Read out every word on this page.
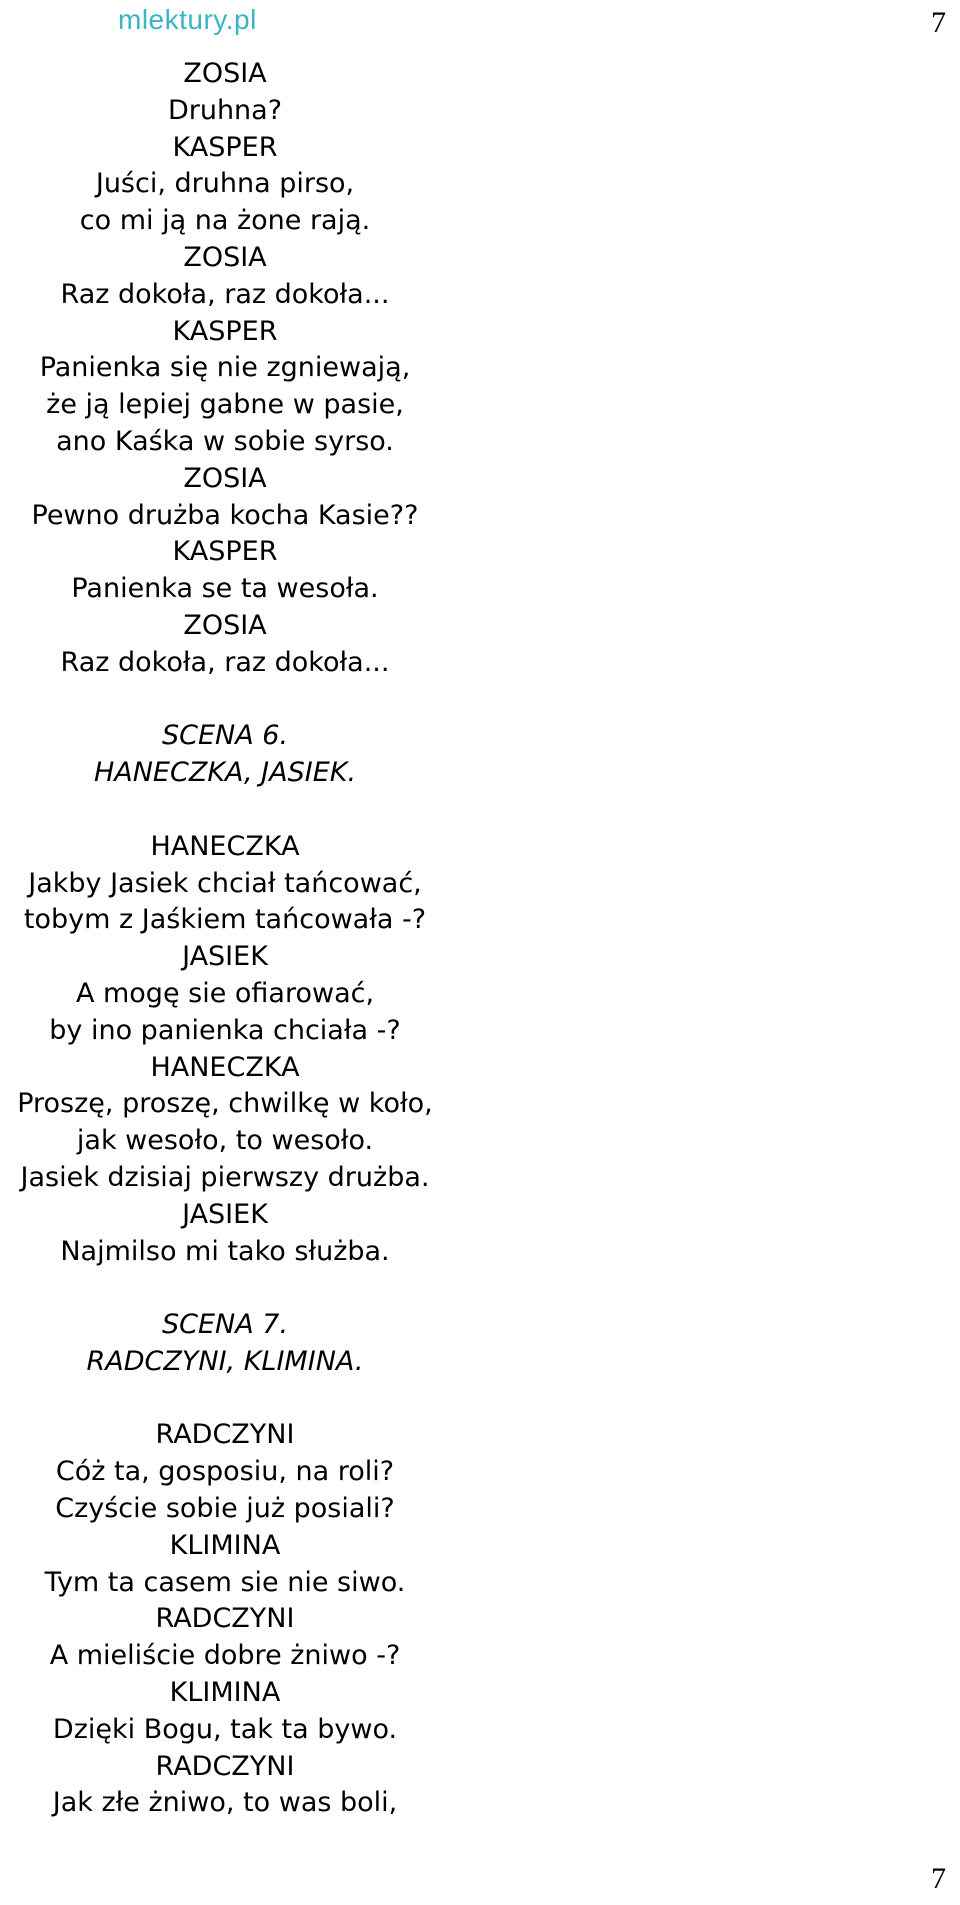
mlektury.pl	7
ZOSIA
Druhna?
KASPER
Juści, druhna pirso,
co mi ją na żone rają.
ZOSIA
Raz dokoła, raz dokoła...
KASPER
Panienka się nie zgniewają,
że ją lepiej gabne w pasie,
ano Kaśka w sobie syrso.
ZOSIA
Pewno drużba kocha Kasie??
KASPER
Panienka se ta wesoła.
ZOSIA
Raz dokoła, raz dokoła...
SCENA 6.
HANECZKA, JASIEK.
HANECZKA
Jakby Jasiek chciał tańcować,
tobym z Jaśkiem tańcowała -?
JASIEK
A mogę sie ofiarować,
by ino panienka chciała -?
HANECZKA
Proszę, proszę, chwilkę w koło,
jak wesoło, to wesoło.
Jasiek dzisiaj pierwszy drużba.
JASIEK
Najmilso mi tako służba.
SCENA 7.
RADCZYNI, KLIMINA.
RADCZYNI
Cóż ta, gosposiu, na roli?
Czyście sobie już posiali?
KLIMINA
Tym ta casem sie nie siwo.
RADCZYNI
A mieliście dobre żniwo -?
KLIMINA
Dzięki Bogu, tak ta bywo.
RADCZYNI
Jak złe żniwo, to was boli,
7
